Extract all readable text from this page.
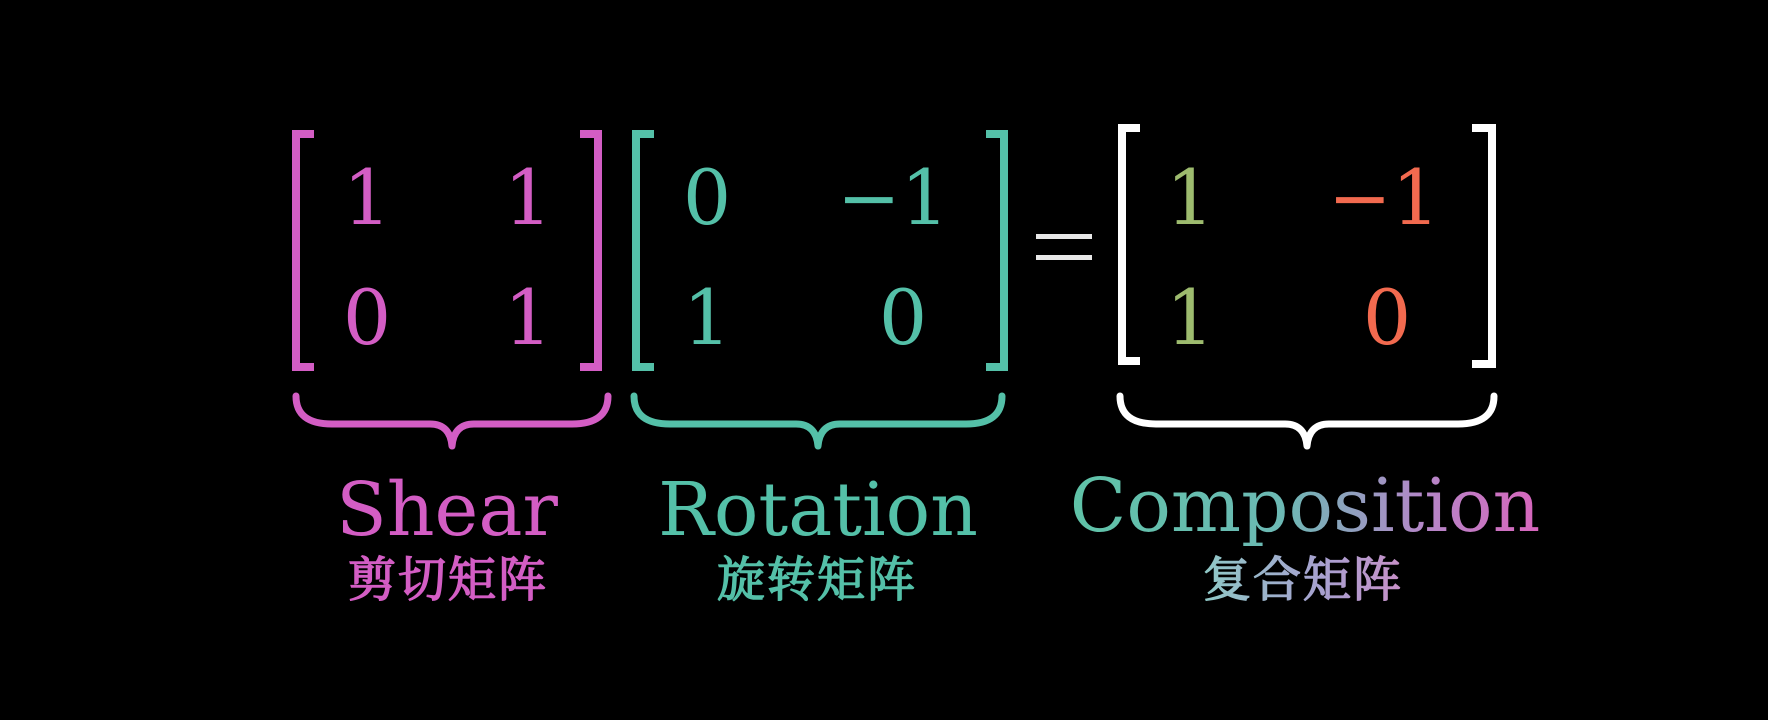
1	1
0	1
0	−1
1	0
1	−1
1	0
Shear
剪切矩阵
Rotation
旋转矩阵
Composition
复合矩阵
